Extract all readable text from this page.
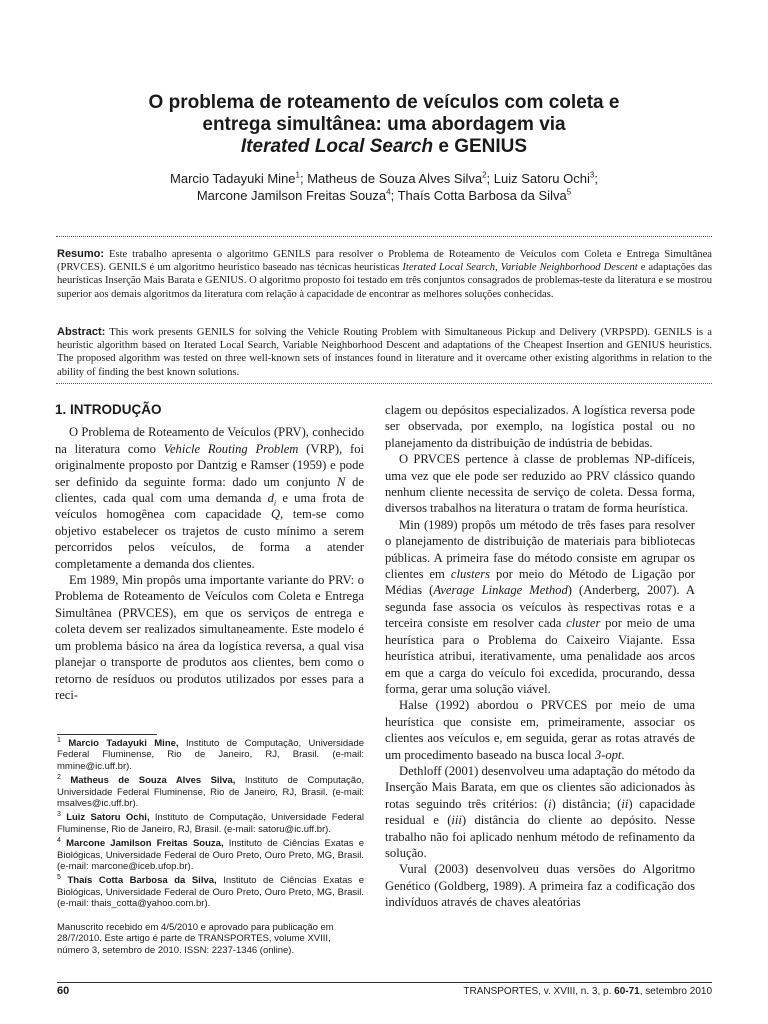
O problema de roteamento de veículos com coleta e
entrega simultânea: uma abordagem via
Iterated Local Search e GENIUS
Marcio Tadayuki Mine$^1$; Matheus de Souza Alves Silva$^2$; Luiz Satoru Ochi$^3$;
Marcone Jamilson Freitas Souza$^4$; Thaís Cotta Barbosa da Silva$^5$
Resumo: Este trabalho apresenta o algoritmo GENILS para resolver o Problema de Roteamento de Veículos com Coleta e Entrega Simultânea (PRVCES). GENILS é um algoritmo heurístico baseado nas técnicas heurísticas Iterated Local Search, Variable Neighborhood Descent e adaptações das heurísticas Inserção Mais Barata e GENIUS. O algoritmo proposto foi testado em três conjuntos consagrados de problemas-teste da literatura e se mostrou superior aos demais algoritmos da literatura com relação à capacidade de encontrar as melhores soluções conhecidas.
Abstract: This work presents GENILS for solving the Vehicle Routing Problem with Simultaneous Pickup and Delivery (VRPSPD). GENILS is a heuristic algorithm based on Iterated Local Search, Variable Neighborhood Descent and adaptations of the Cheapest Insertion and GENIUS heuristics. The proposed algorithm was tested on three well-known sets of instances found in literature and it overcame other existing algorithms in relation to the ability of finding the best known solutions.
1. INTRODUÇÃO

O Problema de Roteamento de Veículos (PRV), conhecido na literatura como Vehicle Routing Problem (VRP), foi originalmente proposto por Dantzig e Ramser (1959) e pode ser definido da seguinte forma: dado um conjunto N de clientes, cada qual com uma demanda $d_i$ e uma frota de veículos homogênea com capacidade Q, tem-se como objetivo estabelecer os trajetos de custo mínimo a serem percorridos pelos veículos, de forma a atender completamente a demanda dos clientes.

Em 1989, Min propôs uma importante variante do PRV: o Problema de Roteamento de Veículos com Coleta e Entrega Simultânea (PRVCES), em que os serviços de entrega e coleta devem ser realizados simultaneamente. Este modelo é um problema básico na área da logística reversa, a qual visa planejar o transporte de produtos aos clientes, bem como o retorno de resíduos ou produtos utilizados por esses para a reci-

clagem ou depósitos especializados. A logística reversa pode ser observada, por exemplo, na logística postal ou no planejamento da distribuição de indústria de bebidas.

O PRVCES pertence à classe de problemas NP-difíceis, uma vez que ele pode ser reduzido ao PRV clássico quando nenhum cliente necessita de serviço de coleta. Dessa forma, diversos trabalhos na literatura o tratam de forma heurística.

Min (1989) propôs um método de três fases para resolver o planejamento de distribuição de materiais para bibliotecas públicas. A primeira fase do método consiste em agrupar os clientes em clusters por meio do Método de Ligação por Médias (Average Linkage Method) (Anderberg, 2007). A segunda fase associa os veículos às respectivas rotas e a terceira consiste em resolver cada cluster por meio de uma heurística para o Problema do Caixeiro Viajante. Essa heurística atribui, iterativamente, uma penalidade aos arcos em que a carga do veículo foi excedida, procurando, dessa forma, gerar uma solução viável.

Halse (1992) abordou o PRVCES por meio de uma heurística que consiste em, primeiramente, associar os clientes aos veículos e, em seguida, gerar as rotas através de um procedimento baseado na busca local 3-opt.

Dethloff (2001) desenvolveu uma adaptação do método da Inserção Mais Barata, em que os clientes são adicionados às rotas seguindo três critérios: (i) distância; (ii) capacidade residual e (iii) distância do cliente ao depósito. Nesse trabalho não foi aplicado nenhum método de refinamento da solução.

Vural (2003) desenvolveu duas versões do Algoritmo Genético (Goldberg, 1989). A primeira faz a codificação dos indivíduos através de chaves aleatórias

$^1$ Marcio Tadayuki Mine, Instituto de Computação, Universidade Federal Fluminense, Rio de Janeiro, RJ, Brasil. (e-mail: mmine@ic.uff.br).
$^2$ Matheus de Souza Alves Silva, Instituto de Computação, Universidade Federal Fluminense, Rio de Janeiro, RJ, Brasil. (e-mail: msalves@ic.uff.br).
$^3$ Luiz Satoru Ochi, Instituto de Computação, Universidade Federal Fluminense, Rio de Janeiro, RJ, Brasil. (e-mail: satoru@ic.uff.br).
$^4$ Marcone Jamilson Freitas Souza, Instituto de Ciências Exatas e Biológicas, Universidade Federal de Ouro Preto, Ouro Preto, MG, Brasil. (e-mail: marcone@iceb.ufop.br).
$^5$ Thaís Cotta Barbosa da Silva, Instituto de Ciências Exatas e Biológicas, Universidade Federal de Ouro Preto, Ouro Preto, MG, Brasil. (e-mail: thais_cotta@yahoo.com.br).
Manuscrito recebido em 4/5/2010 e aprovado para publicação em 28/7/2010. Este artigo é parte de TRANSPORTES, volume XVIII, número 3, setembro de 2010. ISSN: 2237-1346 (online).
60	TRANSPORTES, v. XVIII, n. 3, p. 60-71, setembro 2010
